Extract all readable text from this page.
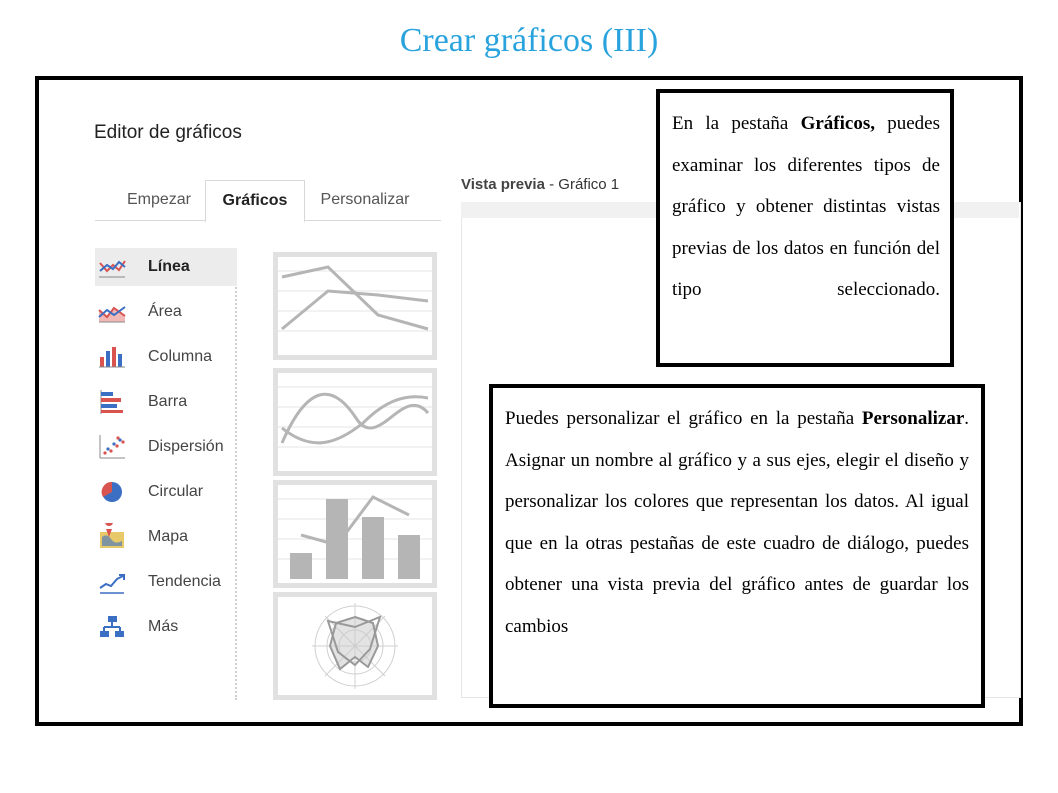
Crear gráficos (III)
Editor de gráficos
Empezar	Gráficos	Personalizar
Línea
Área
Columna
Barra
Dispersión
Circular
Mapa
Tendencia
Más
Vista previa - Gráfico 1
En la pestaña Gráficos, puedes examinar los diferentes tipos de gráfico y obtener distintas vistas previas de los datos en función del tipo seleccionado.
Puedes personalizar el gráfico en la pestaña Personalizar. Asignar un nombre al gráfico y a sus ejes, elegir el diseño y personalizar los colores que representan los datos. Al igual que en la otras pestañas de este cuadro de diálogo, puedes obtener una vista previa del gráfico antes de guardar los cambios
